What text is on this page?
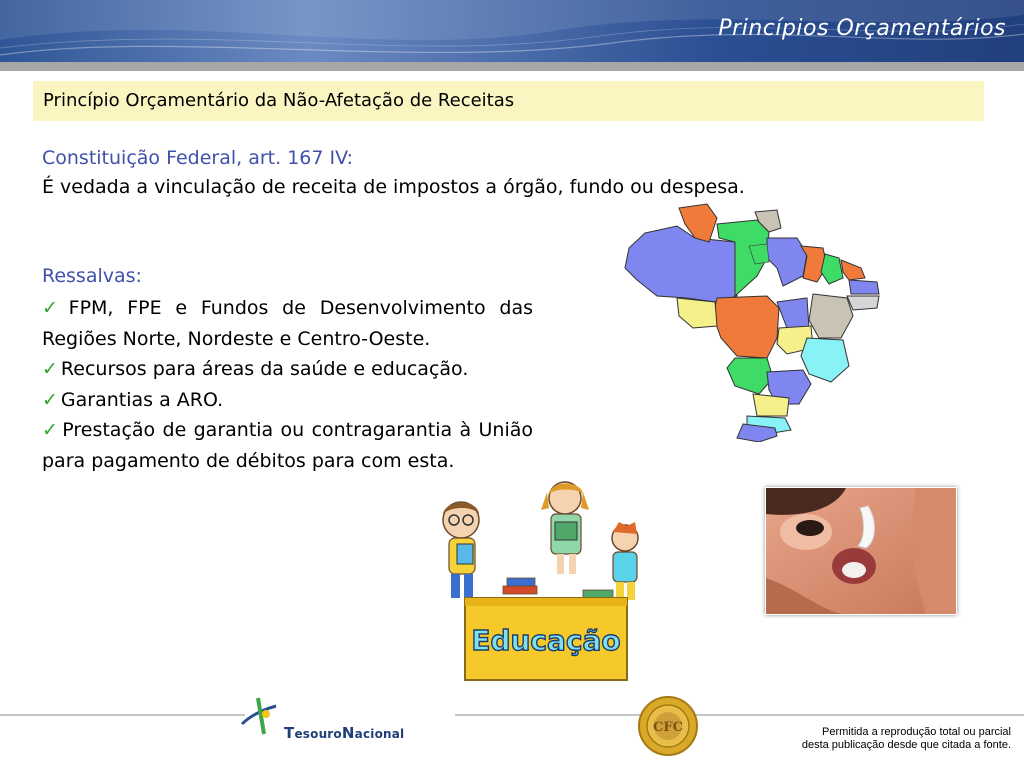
Princípios Orçamentários
Princípio Orçamentário da Não-Afetação de Receitas
Constituição Federal, art. 167 IV:
É vedada a vinculação de receita de impostos a órgão, fundo ou despesa.
Ressalvas:

✓ FPM, FPE e Fundos de Desenvolvimento das Regiões Norte, Nordeste e Centro-Oeste.

✓ Recursos para áreas da saúde e educação.

✓ Garantias a ARO.

✓ Prestação de garantia ou contragarantia à União para pagamento de débitos para com esta.

Educação
TesouroNacional	CFC	Permitida a reprodução total ou parcial
desta publicação desde que citada a fonte.
